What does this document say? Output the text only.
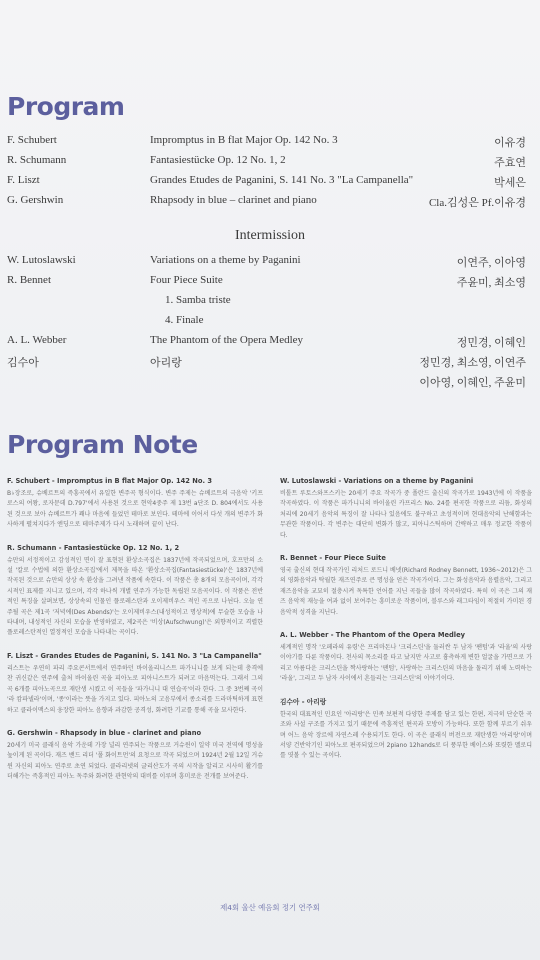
Program
F. Schubert	Impromptus in B flat Major Op. 142 No. 3	이유경
R. Schumann	Fantasiestücke Op. 12 No. 1, 2	주효연
F. Liszt	Grandes Etudes de Paganini, S. 141 No. 3 "La Campanella"	박세은
G. Gershwin	Rhapsody in blue – clarinet and piano	Cla.김성은 Pf.이유경
Intermission
W. Lutoslawski	Variations on a theme by Paganini	이연주, 이아영
R. Bennet	Four Piece Suite	주윤미, 최소영
1. Samba triste
4. Finale
A. L. Webber	The Phantom of the Opera Medley	정민경, 이혜인
김수아	아리랑	정민경, 최소영, 이연주
이아영, 이혜인, 주윤미
Program Note
F. Schubert - Impromptus in B flat Major Op. 142 No. 3

B♭장조로, 슈베르트의 즉흥곡에서 유일한 변주곡 형식이다. 변주 주제는 슈베르트의 극음악 '키프로스의 여왕, 로자문데 D.797'에서 사용된 것으로 현악4중주 제 13번 a단조 D. 804에서도 사용된 것으로 보아 슈베르트가 꽤나 마음에 들었던 테마로 보인다. 테마에 이어서 다섯 개의 변주가 화사하게 펼쳐지다가 엔딩으로 테마주제가 다시 노래하며 끝이 난다.

R. Schumann - Fantasiestücke Op. 12 No. 1, 2

슈만의 서정적이고 감성적인 면이 잘 표현된 환상소곡집은 1837년에 작곡되었으며, 호프만의 소설 '칼로 수법에 의한 환상소곡집'에서 제목을 따온 '환상소곡집(Fantasiestücke)'은 1837년에 작곡된 것으로 슈만의 상상 속 환상을 그려낸 작품에 속한다. 이 작품은 총 8개의 모음곡이며, 각각 시적인 표제를 지니고 있으며, 각각 하나씩 개별 연주가 가능한 독립된 모음곡이다. 이 작품은 전반적인 특징을 살펴보면, 상상속의 인물인 플로레스탄과 오이제비우스 적인 곡으로 나뉜다. 오늘 연주될 곡은 제1곡 '저녁에(Des Abends)'는 오이제비우스(내성적이고 명상적)에 무슬한 모습을 나타내며, 내성적인 자신의 모습을 반영하였고, 제2곡은 '비상(Aufschwung)'은 외향적이고 격렬한 플로레스탄적인 열정적인 모습을 나타내는 곡이다.

F. Liszt - Grandes Etudes de Paganini, S. 141 No. 3 "La Campanella"

리스트는 우연히 파리 주요콘서트에서 연주하던 바이올리니스트 파가니니를 보게 되는데 충격에 찬 귀신같은 연주에 출처 바이올린 곡을 피아노로 피아니스트가 되려고 마음먹는다. 그래서 그의 곡 6개를 피아노곡으로 재탄생 시켰고 이 곡들을 '파가니니 대 연습곡'이라 한다. 그 중 3번째 곡이 '라 캄파넬라'이며, '종'이라는 뜻을 가지고 있다. 피아노의 고음부에서 종소리를 드라마틱하게 표현하고 클라이맥스의 웅장한 피아노 음향과 과감한 공격성, 화려한 기교를 통해 곡을 묘사한다.

G. Gershwin - Rhapsody in blue - clarinet and piano

20세기 미국 클래식 음악 가운데 가장 널리 연주되는 작품으로 거슈윈이 일약 미국 전역에 명성을 높이게 된 곡이다. 재즈 밴드 리더 '폴 화이트먼'의 요청으로 작곡 되었으며 1924년 2월 12일 거슈윈 자신의 피아노 연주로 초연 되었다. 클라리넷의 글리산도가 곡의 시작을 알리고 시사히 활기를 더해가는 즉흥적인 피아노 독주와 화려한 관현악의 대비를 이루며 흥미로운 전개를 보여준다.

W. Lutoslawski - Variations on a theme by Paganini

비톨트 루토스와프스키는 20세기 주요 작곡가 중 폴란드 출신의 작곡가로 1943년에 이 작품을 작곡하였다. 이 작품은 파가니니의 바이올린 카프리스 No. 24를 편곡한 작품으로 리듬, 화성의 처리에 20세기 음악의 특징이 잘 나타나 있음에도 불구하고 초성적이며 현대음악의 난해함과는 무관한 작품이다. 각 변주는 대단히 변화가 많고, 피아니스틱하며 간략하고 매우 정교한 작품이다.

R. Bennet - Four Piece Suite

영국 출신의 현대 작곡가인 리처드 로드니 베넷(Richard Rodney Bennett, 1936~2012)은 그의 영화음악과 탁월한 재즈연주로 큰 명성을 얻은 작곡가이다. 그는 화성음악과 음렬음악, 그리고 재즈음악을 교묘히 절충시켜 독특한 언어를 지닌 곡들을 많이 작곡하였다. 특히 이 곡은 그의 재즈 음악적 재능을 여과 없이 보여주는 흥미로운 작품이며, 블루스와 래그타임이 적절히 가미된 경음악적 성격을 지닌다.

A. L. Webber - The Phantom of the Opera Medley

세계적인 명작 '오페라의 유령'은 프리마돈나 '크리스틴'을 둘러싼 두 남자 '팬텀'과 '라울'의 사랑이야기를 다룬 작품이다. 천사의 목소리를 타고 났지만 사고로 흉측하게 변한 얼굴을 가면으로 가리고 아름다운 크리스틴을 짝사랑하는 '팬텀', 사랑하는 크리스틴의 마음을 돌리기 위해 노력하는 '라울', 그리고 두 남자 사이에서 흔들리는 '크리스틴'의 이야기이다.

김수아 - 아리랑

한국의 대표적인 민요인 '아리랑'은 민족 보편적 다양한 주제를 담고 있는 한편, 지극히 단순한 곡조와 사설 구조를 가지고 있기 때문에 즉흥적인 편곡과 모방이 가능하다. 또한 함께 부르기 쉬우며 어느 음악 장르에 자연스레 수용되기도 한다. 이 곡은 클래식 버전으로 재탄생한 '아리랑'이며 서양 건반악기인 피아노로 편곡되었으며 2piano 12hands로 더 풍부한 베이스와 또렷한 멜로디를 엿볼 수 있는 곡이다.

제4회 울산 예음회 정기 연주회
